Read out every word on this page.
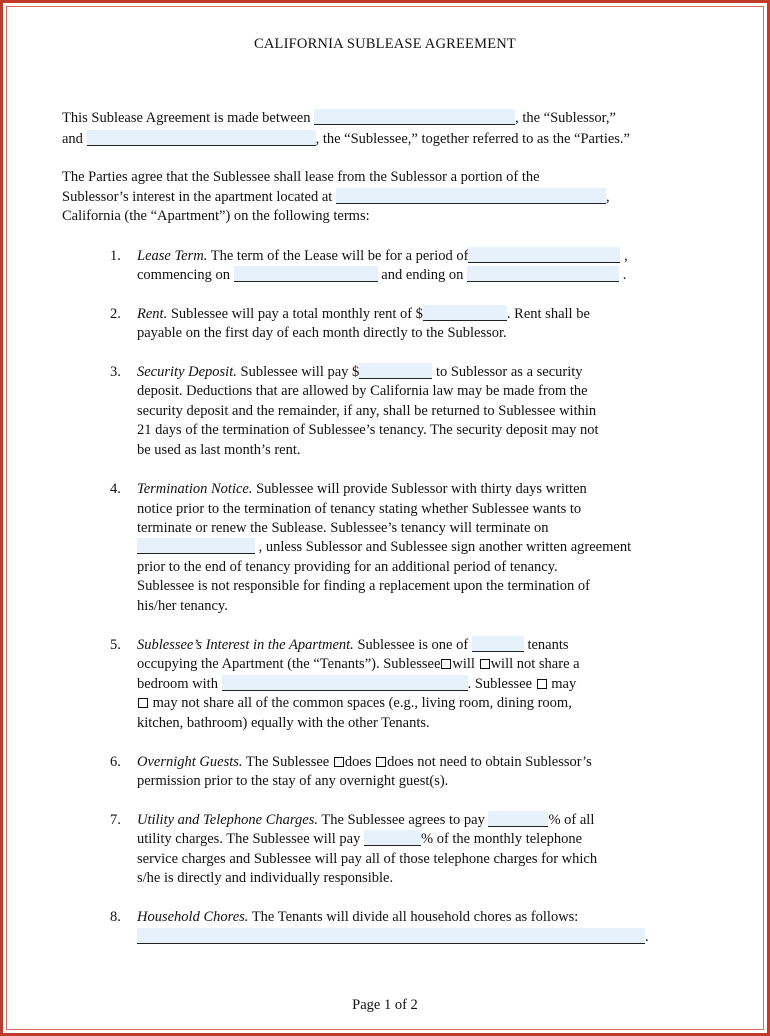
CALIFORNIA SUBLEASE AGREEMENT
This Sublease Agreement is made between	, the “Sublessor,”
and	, the “Sublessee,” together referred to as the “Parties.”
The Parties agree that the Sublessee shall lease from the Sublessor a portion of the
Sublessor’s interest in the apartment located at	,
California (the “Apartment”) on the following terms:
1. Lease Term. The term of the Lease will be for a period of	,
commencing on	and ending on	.
2. Rent. Sublessee will pay a total monthly rent of $	. Rent shall be
payable on the first day of each month directly to the Sublessor.
3. Security Deposit. Sublessee will pay $	to Sublessor as a security
deposit. Deductions that are allowed by California law may be made from the
security deposit and the remainder, if any, shall be returned to Sublessee within
21 days of the termination of Sublessee’s tenancy. The security deposit may not
be used as last month’s rent.
4. Termination Notice. Sublessee will provide Sublessor with thirty days written
notice prior to the termination of tenancy stating whether Sublessee wants to
terminate or renew the Sublease. Sublessee’s tenancy will terminate on
, unless Sublessor and Sublessee sign another written agreement
prior to the end of tenancy providing for an additional period of tenancy.
Sublessee is not responsible for finding a replacement upon the termination of
his/her tenancy.
5. Sublessee’s Interest in the Apartment. Sublessee is one of	tenants
occupying the Apartment (the “Tenants”). Sublessee will will not share a
bedroom with	. Sublessee may
may not share all of the common spaces (e.g., living room, dining room,
kitchen, bathroom) equally with the other Tenants.
6. Overnight Guests. The Sublessee does does not need to obtain Sublessor’s
permission prior to the stay of any overnight guest(s).
7. Utility and Telephone Charges. The Sublessee agrees to pay	% of all
utility charges. The Sublessee will pay	% of the monthly telephone
service charges and Sublessee will pay all of those telephone charges for which
s/he is directly and individually responsible.
8. Household Chores. The Tenants will divide all household chores as follows:
.
Page 1 of 2
